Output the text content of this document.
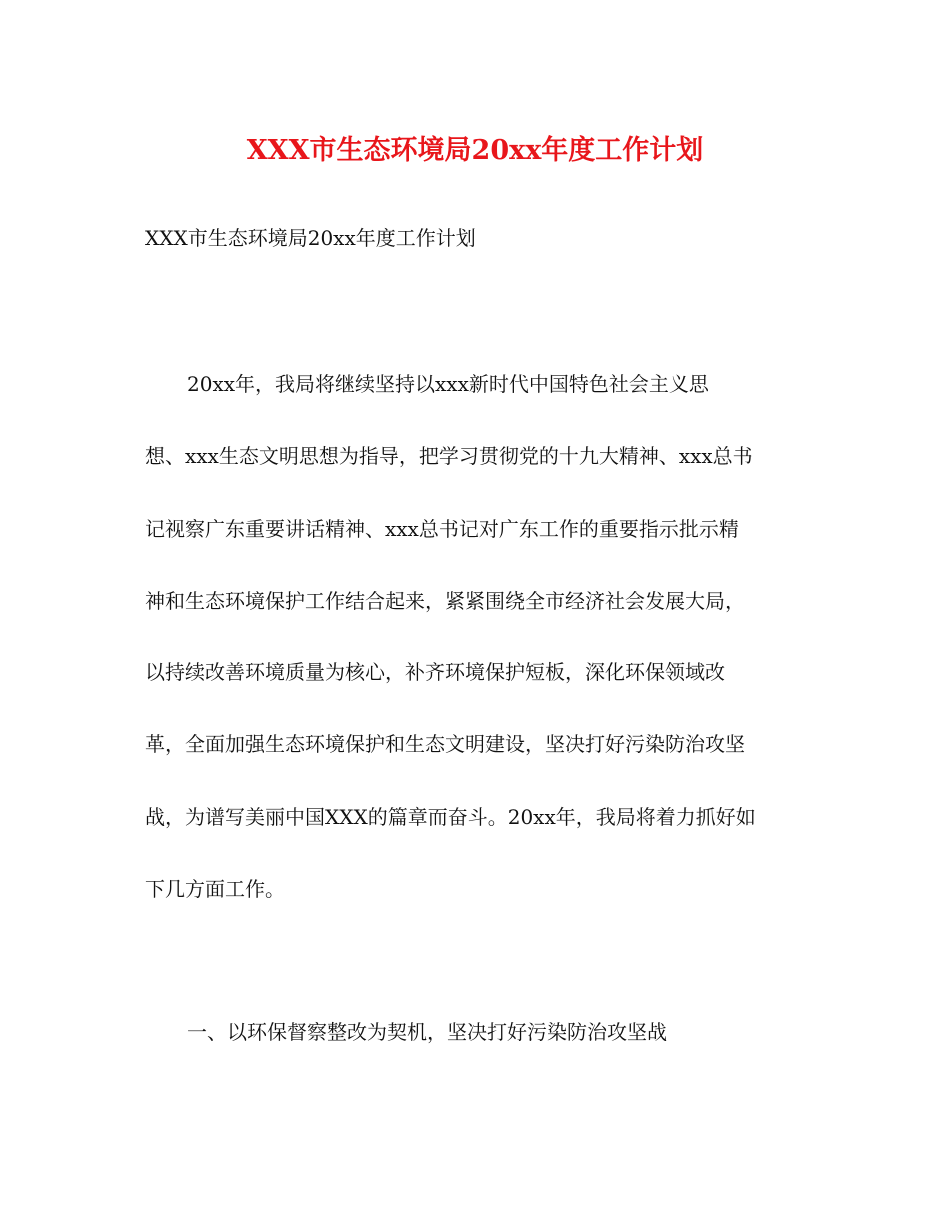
XXX市生态环境局20xx年度工作计划
XXX市生态环境局20xx年度工作计划
20xx年，我局将继续坚持以xxx新时代中国特色社会主义思
想、xxx生态文明思想为指导，把学习贯彻党的十九大精神、xxx总书
记视察广东重要讲话精神、xxx总书记对广东工作的重要指示批示精
神和生态环境保护工作结合起来，紧紧围绕全市经济社会发展大局，
以持续改善环境质量为核心，补齐环境保护短板，深化环保领域改
革，全面加强生态环境保护和生态文明建设，坚决打好污染防治攻坚
战，为谱写美丽中国XXX的篇章而奋斗。20xx年，我局将着力抓好如
下几方面工作。
一、以环保督察整改为契机，坚决打好污染防治攻坚战
